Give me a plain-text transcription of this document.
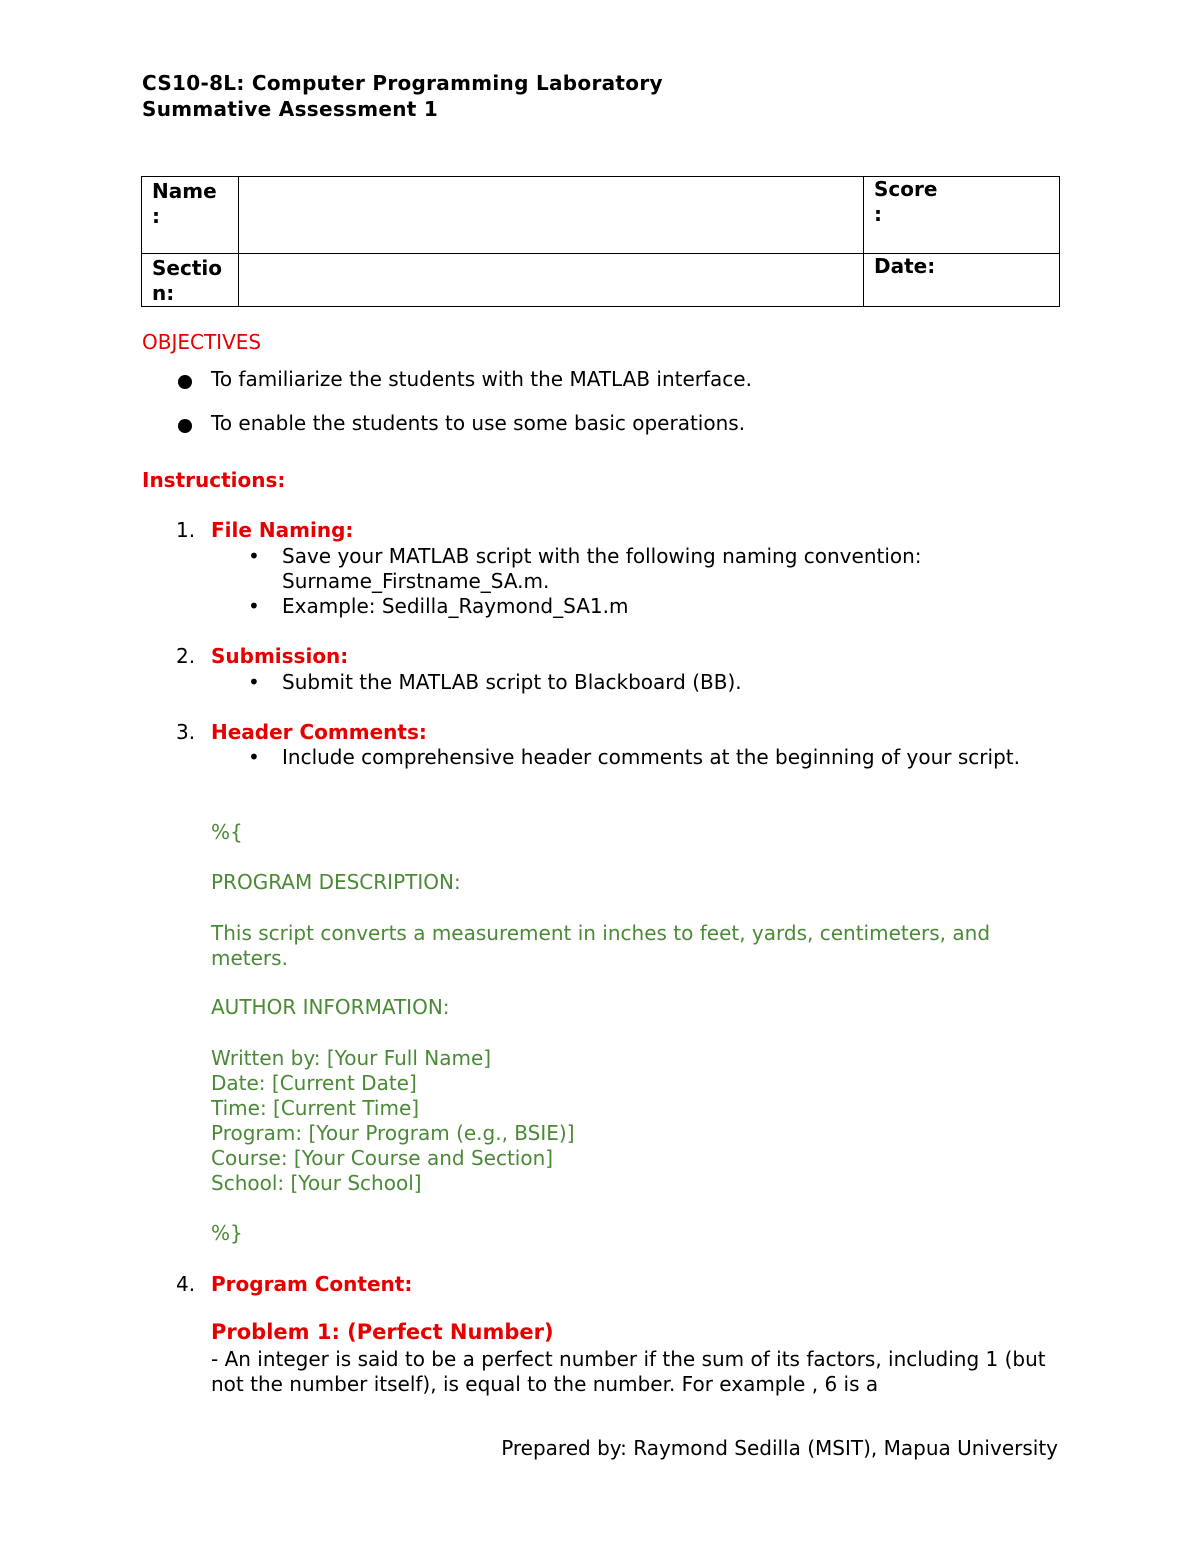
CS10-8L: Computer Programming Laboratory
Summative Assessment 1
Name :		Score :

Section:		Date:
OBJECTIVES
To familiarize the students with the MATLAB interface.
To enable the students to use some basic operations.
Instructions:
1. File Naming:
• Save your MATLAB script with the following naming convention: Surname_Firstname_SA.m.
• Example: Sedilla_Raymond_SA1.m
2. Submission:
• Submit the MATLAB script to Blackboard (BB).
3. Header Comments:
• Include comprehensive header comments at the beginning of your script.
%{
PROGRAM DESCRIPTION:
This script converts a measurement in inches to feet, yards, centimeters, and meters.
AUTHOR INFORMATION:
Written by: [Your Full Name]
Date: [Current Date]
Time: [Current Time]
Program: [Your Program (e.g., BSIE)]
Course: [Your Course and Section]
School: [Your School]
%}
4. Program Content:
Problem 1: (Perfect Number)
- An integer is said to be a perfect number if the sum of its factors, including 1 (but not the number itself), is equal to the number. For example , 6 is a
Prepared by: Raymond Sedilla (MSIT), Mapua University
